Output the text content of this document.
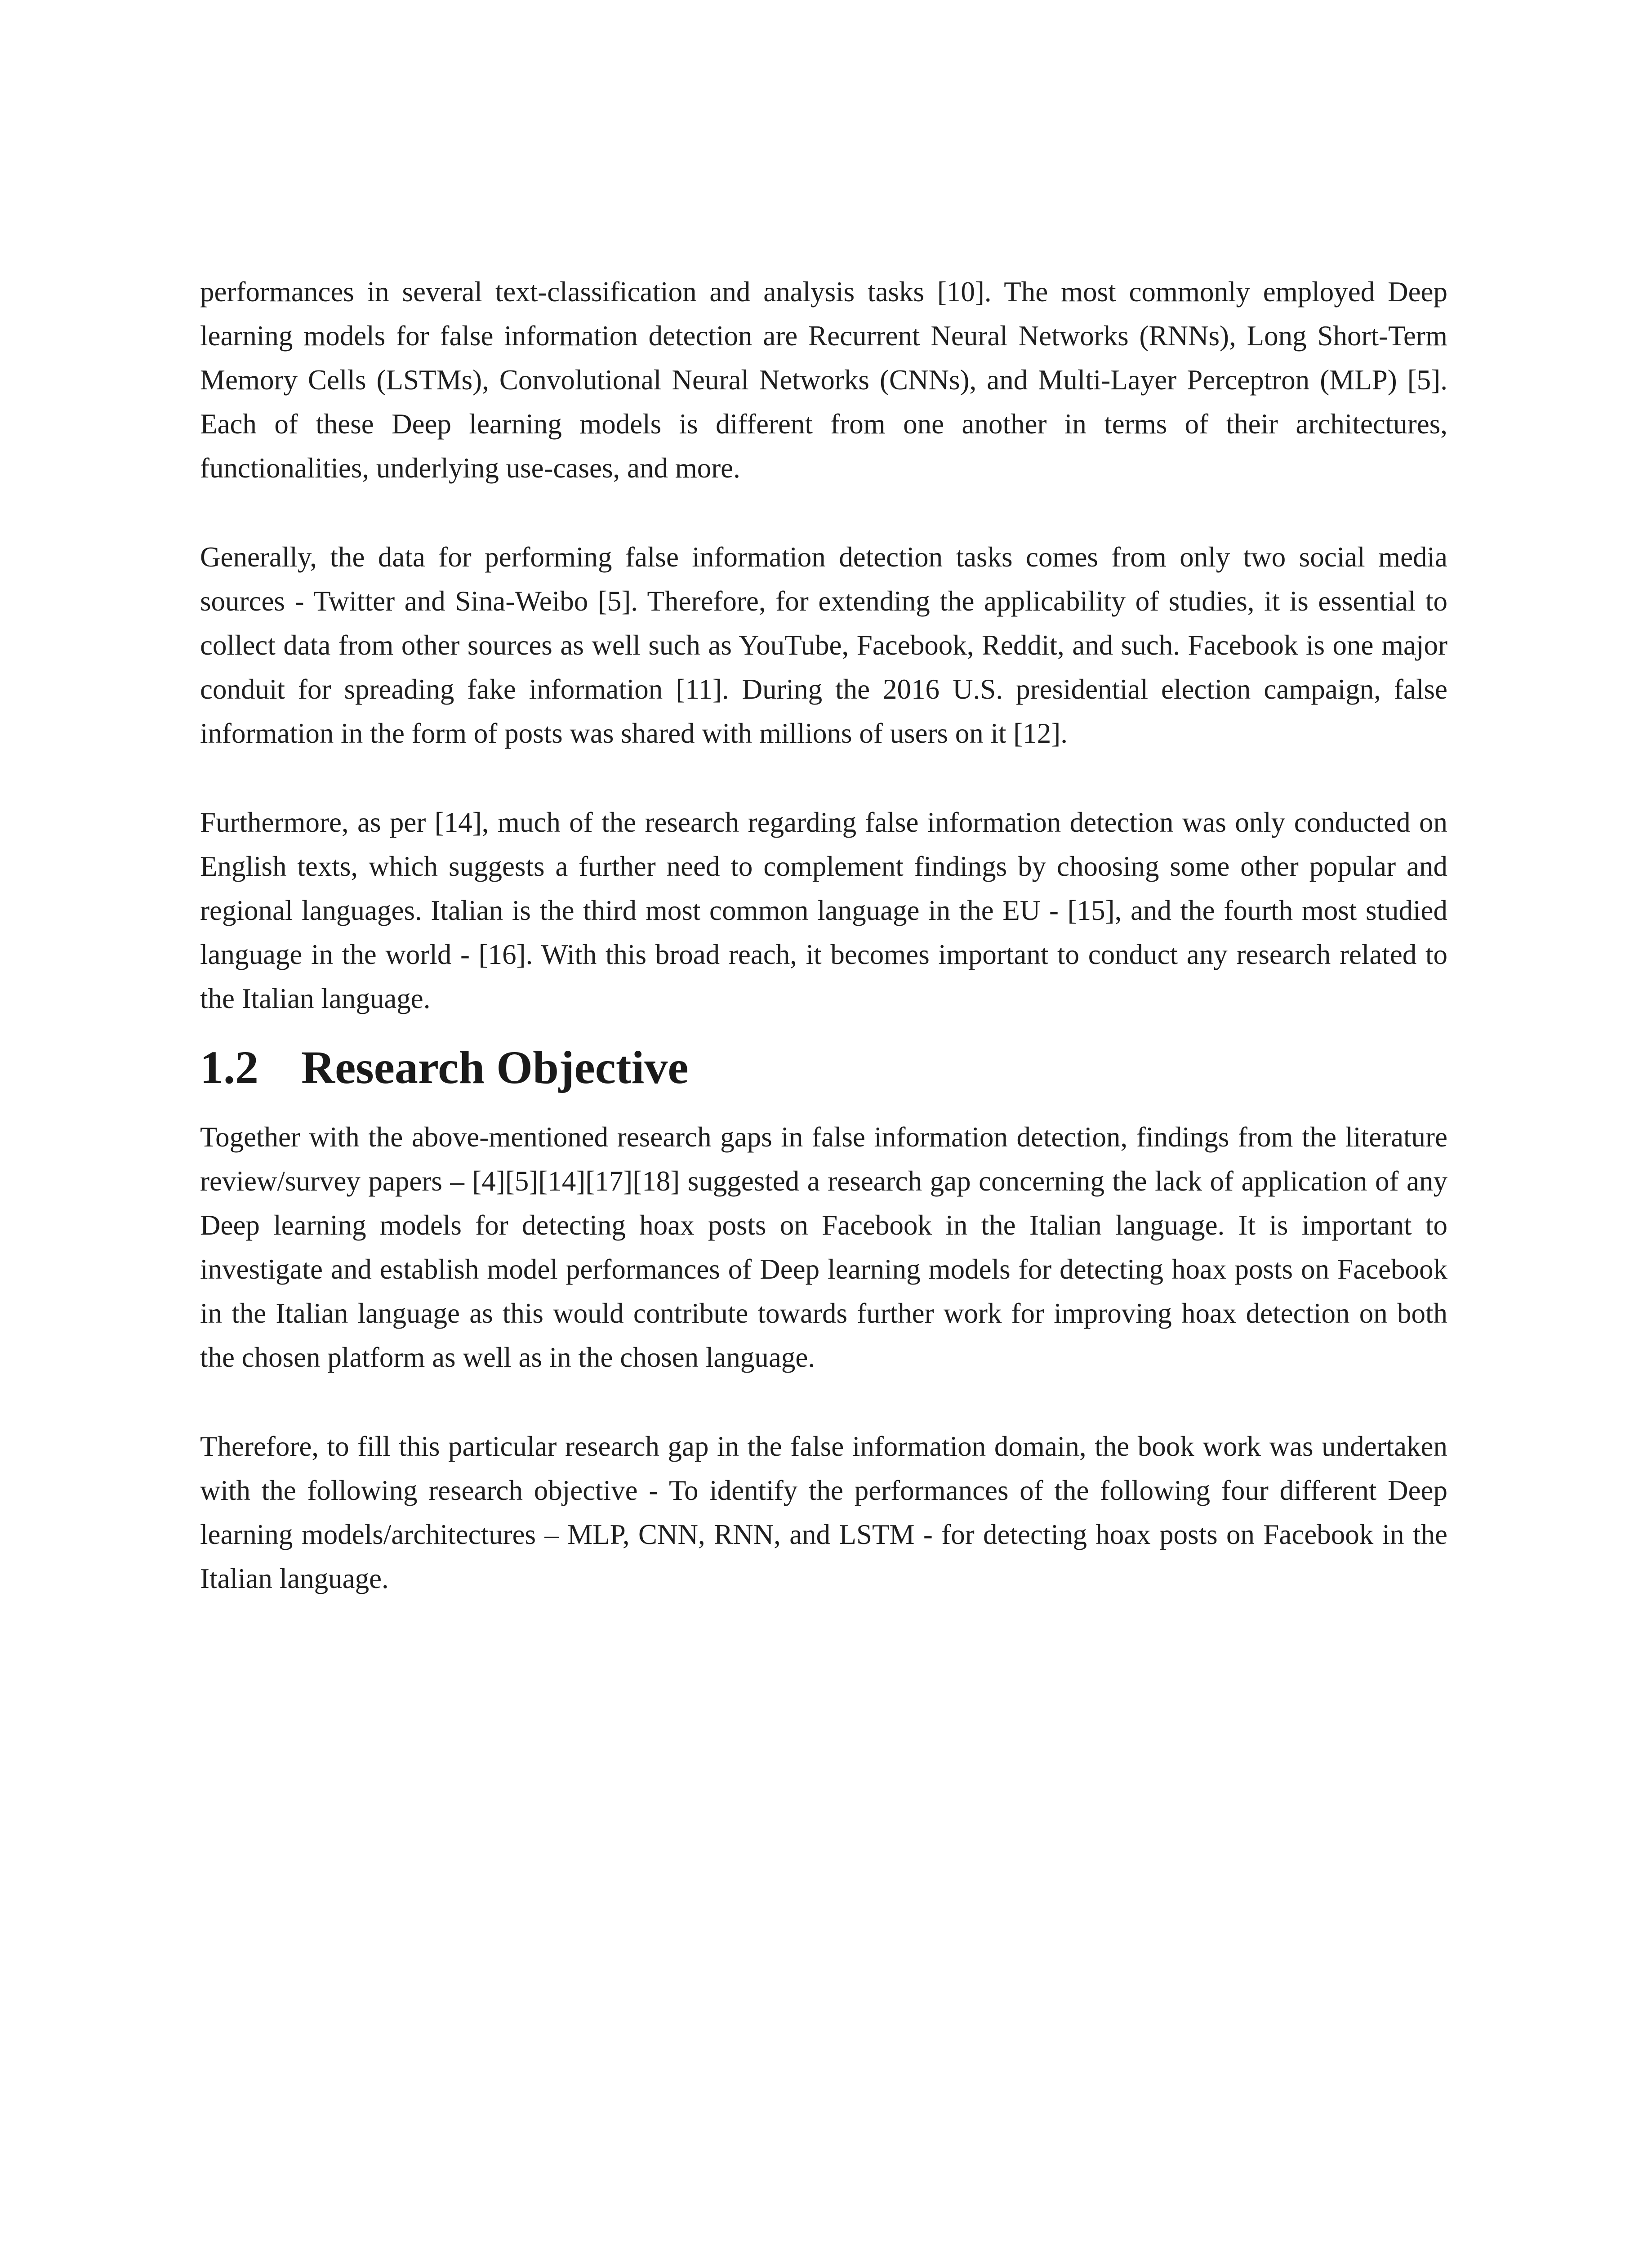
performances in several text-classification and analysis tasks [10]. The most commonly employed Deep learning models for false information detection are Recurrent Neural Networks (RNNs), Long Short-Term Memory Cells (LSTMs), Convolutional Neural Networks (CNNs), and Multi-Layer Perceptron (MLP) [5]. Each of these Deep learning models is different from one another in terms of their architectures, functionalities, underlying use-cases, and more.

Generally, the data for performing false information detection tasks comes from only two social media sources - Twitter and Sina-Weibo [5]. Therefore, for extending the applicability of studies, it is essential to collect data from other sources as well such as YouTube, Facebook, Reddit, and such. Facebook is one major conduit for spreading fake information [11]. During the 2016 U.S. presidential election campaign, false information in the form of posts was shared with millions of users on it [12].

Furthermore, as per [14], much of the research regarding false information detection was only conducted on English texts, which suggests a further need to complement findings by choosing some other popular and regional languages. Italian is the third most common language in the EU - [15], and the fourth most studied language in the world - [16]. With this broad reach, it becomes important to conduct any research related to the Italian language.

1.2 Research Objective

Together with the above-mentioned research gaps in false information detection, findings from the literature review/survey papers – [4][5][14][17][18] suggested a research gap concerning the lack of application of any Deep learning models for detecting hoax posts on Facebook in the Italian language. It is important to investigate and establish model performances of Deep learning models for detecting hoax posts on Facebook in the Italian language as this would contribute towards further work for improving hoax detection on both the chosen platform as well as in the chosen language.

Therefore, to fill this particular research gap in the false information domain, the book work was undertaken with the following research objective - To identify the performances of the following four different Deep learning models/architectures – MLP, CNN, RNN, and LSTM - for detecting hoax posts on Facebook in the Italian language.
